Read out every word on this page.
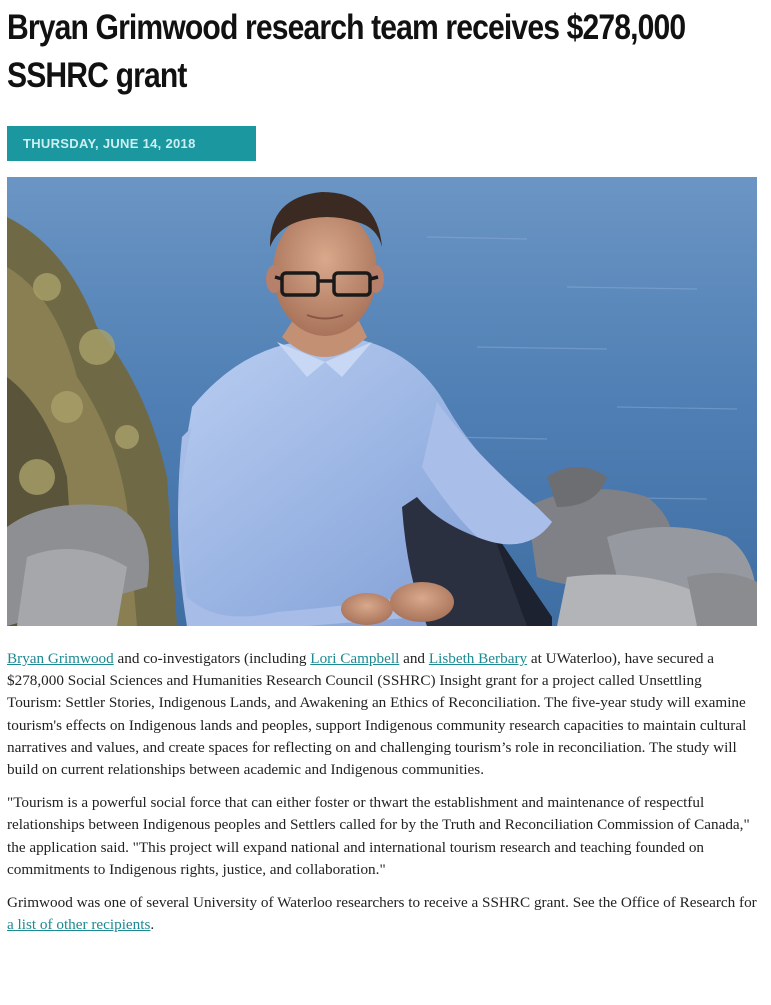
Bryan Grimwood research team receives $278,000 SSHRC grant
THURSDAY, JUNE 14, 2018

Bryan Grimwood and co-investigators (including Lori Campbell and Lisbeth Berbary at UWaterloo), have secured a $278,000 Social Sciences and Humanities Research Council (SSHRC) Insight grant for a project called Unsettling Tourism: Settler Stories, Indigenous Lands, and Awakening an Ethics of Reconciliation. The five-year study will examine tourism's effects on Indigenous lands and peoples, support Indigenous community research capacities to maintain cultural narratives and values, and create spaces for reflecting on and challenging tourism’s role in reconciliation. The study will build on current relationships between academic and Indigenous communities.

"Tourism is a powerful social force that can either foster or thwart the establishment and maintenance of respectful relationships between Indigenous peoples and Settlers called for by the Truth and Reconciliation Commission of Canada," the application said. "This project will expand national and international tourism research and teaching founded on commitments to Indigenous rights, justice, and collaboration."

Grimwood was one of several University of Waterloo researchers to receive a SSHRC grant. See the Office of Research for a list of other recipients.
